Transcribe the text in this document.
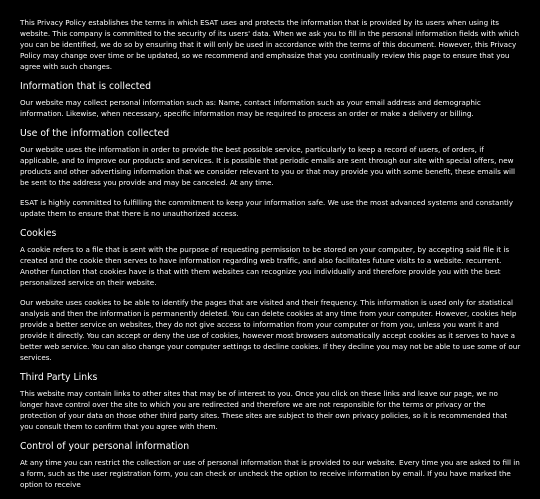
This Privacy Policy establishes the terms in which ESAT uses and protects the information that is provided by its users when using its website. This company is committed to the security of its users' data. When we ask you to fill in the personal information fields with which you can be identified, we do so by ensuring that it will only be used in accordance with the terms of this document. However, this Privacy Policy may change over time or be updated, so we recommend and emphasize that you continually review this page to ensure that you agree with such changes.

Information that is collected

Our website may collect personal information such as: Name, contact information such as your email address and demographic information. Likewise, when necessary, specific information may be required to process an order or make a delivery or billing.

Use of the information collected

Our website uses the information in order to provide the best possible service, particularly to keep a record of users, of orders, if applicable, and to improve our products and services. It is possible that periodic emails are sent through our site with special offers, new products and other advertising information that we consider relevant to you or that may provide you with some benefit, these emails will be sent to the address you provide and may be canceled. At any time.

ESAT is highly committed to fulfilling the commitment to keep your information safe. We use the most advanced systems and constantly update them to ensure that there is no unauthorized access.

Cookies

A cookie refers to a file that is sent with the purpose of requesting permission to be stored on your computer, by accepting said file it is created and the cookie then serves to have information regarding web traffic, and also facilitates future visits to a website. recurrent. Another function that cookies have is that with them websites can recognize you individually and therefore provide you with the best personalized service on their website.

Our website uses cookies to be able to identify the pages that are visited and their frequency. This information is used only for statistical analysis and then the information is permanently deleted. You can delete cookies at any time from your computer. However, cookies help provide a better service on websites, they do not give access to information from your computer or from you, unless you want it and provide it directly. You can accept or deny the use of cookies, however most browsers automatically accept cookies as it serves to have a better web service. You can also change your computer settings to decline cookies. If they decline you may not be able to use some of our services.

Third Party Links

This website may contain links to other sites that may be of interest to you. Once you click on these links and leave our page, we no longer have control over the site to which you are redirected and therefore we are not responsible for the terms or privacy or the protection of your data on those other third party sites. These sites are subject to their own privacy policies, so it is recommended that you consult them to confirm that you agree with them.

Control of your personal information

At any time you can restrict the collection or use of personal information that is provided to our website. Every time you are asked to fill in a form, such as the user registration form, you can check or uncheck the option to receive information by email. If you have marked the option to receive
